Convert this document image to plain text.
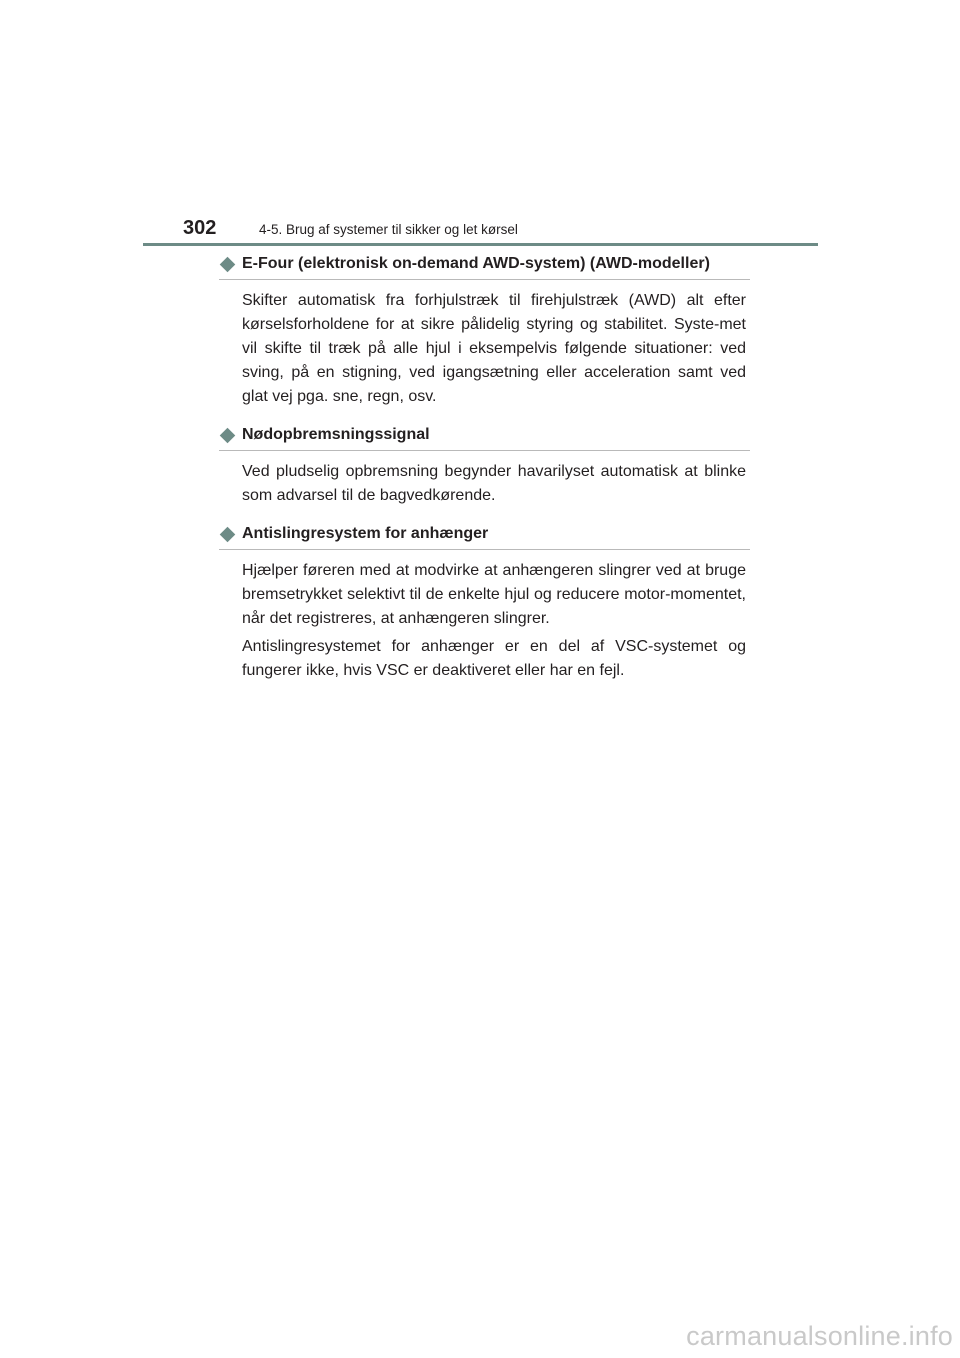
302	4-5. Brug af systemer til sikker og let kørsel
E-Four (elektronisk on-demand AWD-system) (AWD-modeller)

Skifter automatisk fra forhjulstræk til firehjulstræk (AWD) alt efter kørselsforholdene for at sikre pålidelig styring og stabilitet. Syste-met vil skifte til træk på alle hjul i eksempelvis følgende situationer: ved sving, på en stigning, ved igangsætning eller acceleration samt ved glat vej pga. sne, regn, osv.

Nødopbremsningssignal

Ved pludselig opbremsning begynder havarilyset automatisk at blinke som advarsel til de bagvedkørende.

Antislingresystem for anhænger

Hjælper føreren med at modvirke at anhængeren slingrer ved at bruge bremsetrykket selektivt til de enkelte hjul og reducere motor-momentet, når det registreres, at anhængeren slingrer.

Antislingresystemet for anhænger er en del af VSC-systemet og fungerer ikke, hvis VSC er deaktiveret eller har en fejl.

carmanualsonline.info
